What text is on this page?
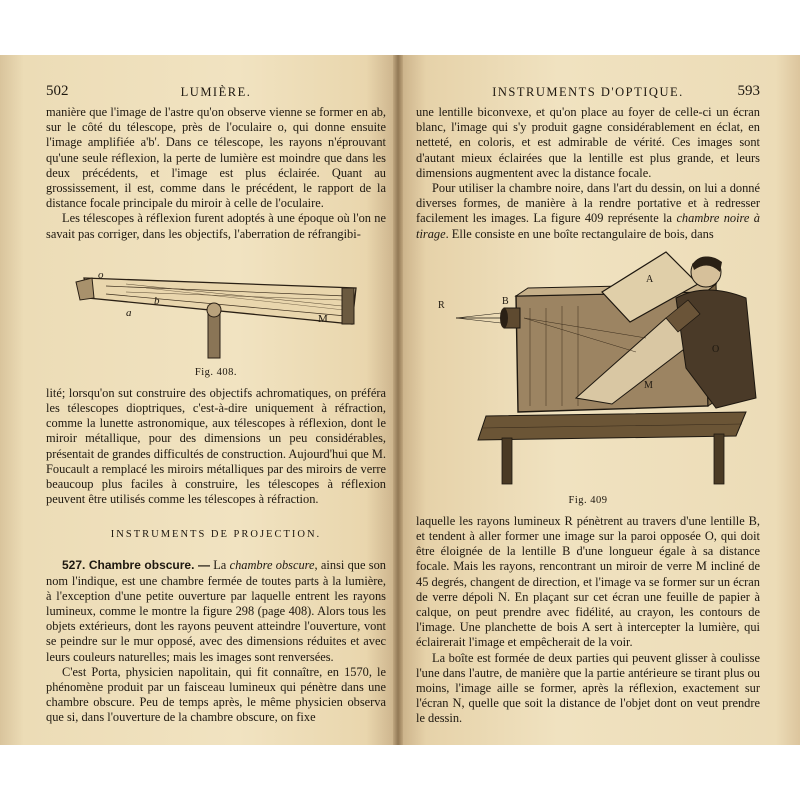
502	LUMIÈRE.

manière que l'image de l'astre qu'on observe vienne se former en ab, sur le côté du télescope, près de l'oculaire o, qui donne ensuite l'image amplifiée a'b'. Dans ce télescope, les rayons n'éprouvant qu'une seule réflexion, la perte de lumière est moindre que dans les deux précédents, et l'image est plus éclairée. Quant au grossissement, il est, comme dans le précédent, le rapport de la distance focale principale du miroir à celle de l'oculaire.

Les télescopes à réflexion furent adoptés à une époque où l'on ne savait pas corriger, dans les objectifs, l'aberration de réfrangibi-

o
a
b
M
Fig. 408.

lité; lorsqu'on sut construire des objectifs achromatiques, on préféra les télescopes dioptriques, c'est-à-dire uniquement à réfraction, comme la lunette astronomique, aux télescopes à réflexion, dont le miroir métallique, pour des dimensions un peu considérables, présentait de grandes difficultés de construction. Aujourd'hui que M. Foucault a remplacé les miroirs métalliques par des miroirs de verre beaucoup plus faciles à construire, les télescopes à réflexion peuvent être utilisés comme les télescopes à réfraction.

INSTRUMENTS DE PROJECTION.

527. Chambre obscure. — La chambre obscure, ainsi que son nom l'indique, est une chambre fermée de toutes parts à la lumière, à l'exception d'une petite ouverture par laquelle entrent les rayons lumineux, comme le montre la figure 298 (page 408). Alors tous les objets extérieurs, dont les rayons peuvent atteindre l'ouverture, vont se peindre sur le mur opposé, avec des dimensions réduites et avec leurs couleurs naturelles; mais les images sont renversées.

C'est Porta, physicien napolitain, qui fit connaître, en 1570, le phénomène produit par un faisceau lumineux qui pénètre dans une chambre obscure. Peu de temps après, le même physicien observa que si, dans l'ouverture de la chambre obscure, on fixe

INSTRUMENTS D'OPTIQUE.	593

une lentille biconvexe, et qu'on place au foyer de celle-ci un écran blanc, l'image qui s'y produit gagne considérablement en éclat, en netteté, en coloris, et est admirable de vérité. Ces images sont d'autant mieux éclairées que la lentille est plus grande, et leurs dimensions augmentent avec la distance focale.

Pour utiliser la chambre noire, dans l'art du dessin, on lui a donné diverses formes, de manière à la rendre portative et à redresser facilement les images. La figure 409 représente la chambre noire à tirage. Elle consiste en une boîte rectangulaire de bois, dans

R	B
A
M
O
Fig. 409

laquelle les rayons lumineux R pénètrent au travers d'une lentille B, et tendent à aller former une image sur la paroi opposée O, qui doit être éloignée de la lentille B d'une longueur égale à sa distance focale. Mais les rayons, rencontrant un miroir de verre M incliné de 45 degrés, changent de direction, et l'image va se former sur un écran de verre dépoli N. En plaçant sur cet écran une feuille de papier à calque, on peut prendre avec fidélité, au crayon, les contours de l'image. Une planchette de bois A sert à intercepter la lumière, qui éclairerait l'image et empêcherait de la voir.

La boîte est formée de deux parties qui peuvent glisser à coulisse l'une dans l'autre, de manière que la partie antérieure se tirant plus ou moins, l'image aille se former, après la réflexion, exactement sur l'écran N, quelle que soit la distance de l'objet dont on veut prendre le dessin.
